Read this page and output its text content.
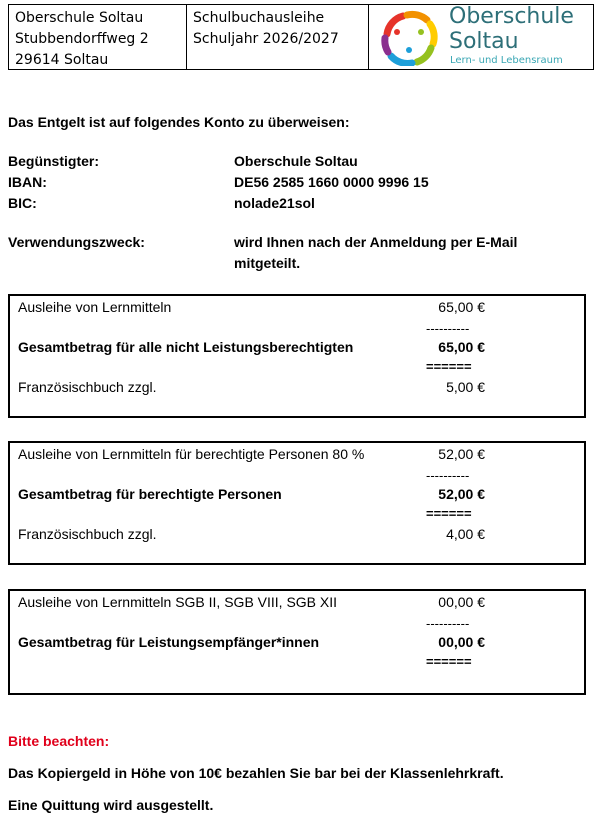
Oberschule Soltau
Stubbendorffweg 2
29614 Soltau
Schulbuchausleihe
Schuljahr 2026/2027
Oberschule
Soltau
Lern- und Lebensraum
Das Entgelt ist auf folgendes Konto zu überweisen:
Begünstigter:	Oberschule Soltau
IBAN:	DE56 2585 1660 0000 9996 15
BIC:	nolade21sol
Verwendungszweck:	wird Ihnen nach der Anmeldung per E-Mail
mitgeteilt.
Ausleihe von Lernmitteln	65,00 €
----------
Gesamtbetrag für alle nicht Leistungsberechtigten	65,00 €
======
Französischbuch zzgl.	5,00 €
Ausleihe von Lernmitteln für berechtigte Personen 80 %	52,00 €
----------
Gesamtbetrag für berechtigte Personen	52,00 €
======
Französischbuch zzgl.	4,00 €
Ausleihe von Lernmitteln SGB II, SGB VIII, SGB XII	00,00 €
----------
Gesamtbetrag für Leistungsempfänger*innen	00,00 €
======
Bitte beachten:
Das Kopiergeld in Höhe von 10€ bezahlen Sie bar bei der Klassenlehrkraft.
Eine Quittung wird ausgestellt.
